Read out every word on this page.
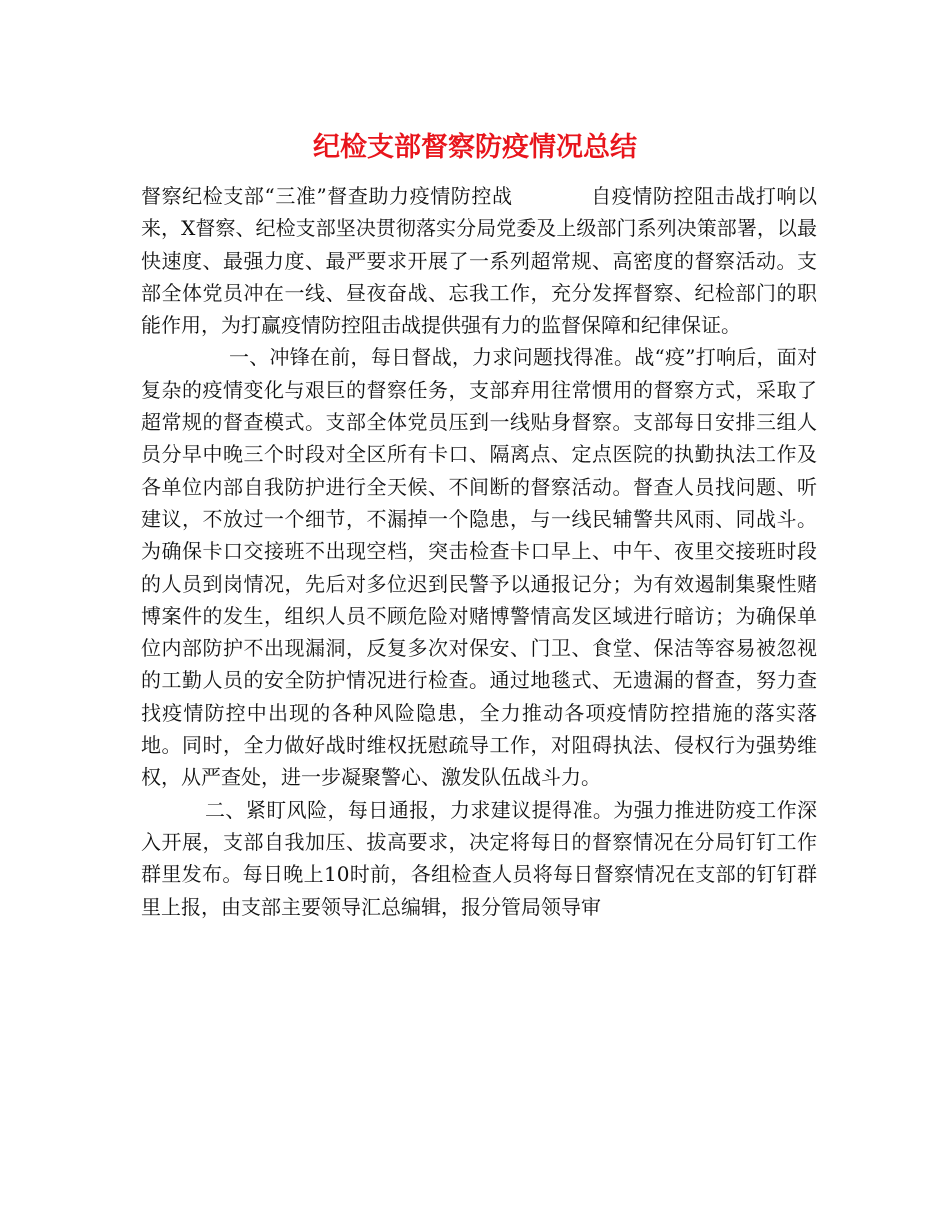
纪检支部督察防疫情况总结

督察纪检支部“三准”督查助力疫情防控战	自疫情防控阻击战打响以来，X督察、纪检支部坚决贯彻落实分局党委及上级部门系列决策部署，以最快速度、最强力度、最严要求开展了一系列超常规、高密度的督察活动。支部全体党员冲在一线、昼夜奋战、忘我工作，充分发挥督察、纪检部门的职能作用，为打赢疫情防控阻击战提供强有力的监督保障和纪律保证。

一、冲锋在前，每日督战，力求问题找得准。战“疫”打响后，面对复杂的疫情变化与艰巨的督察任务，支部弃用往常惯用的督察方式，采取了超常规的督查模式。支部全体党员压到一线贴身督察。支部每日安排三组人员分早中晚三个时段对全区所有卡口、隔离点、定点医院的执勤执法工作及各单位内部自我防护进行全天候、不间断的督察活动。督查人员找问题、听建议，不放过一个细节，不漏掉一个隐患，与一线民辅警共风雨、同战斗。为确保卡口交接班不出现空档，突击检查卡口早上、中午、夜里交接班时段的人员到岗情况，先后对多位迟到民警予以通报记分；为有效遏制集聚性赌博案件的发生，组织人员不顾危险对赌博警情高发区域进行暗访；为确保单位内部防护不出现漏洞，反复多次对保安、门卫、食堂、保洁等容易被忽视的工勤人员的安全防护情况进行检查。通过地毯式、无遗漏的督查，努力查找疫情防控中出现的各种风险隐患，全力推动各项疫情防控措施的落实落地。同时，全力做好战时维权抚慰疏导工作，对阻碍执法、侵权行为强势维权，从严查处，进一步凝聚警心、激发队伍战斗力。

二、紧盯风险，每日通报，力求建议提得准。为强力推进防疫工作深入开展，支部自我加压、拔高要求，决定将每日的督察情况在分局钉钉工作群里发布。每日晚上10时前，各组检查人员将每日督察情况在支部的钉钉群里上报，由支部主要领导汇总编辑，报分管局领导审
